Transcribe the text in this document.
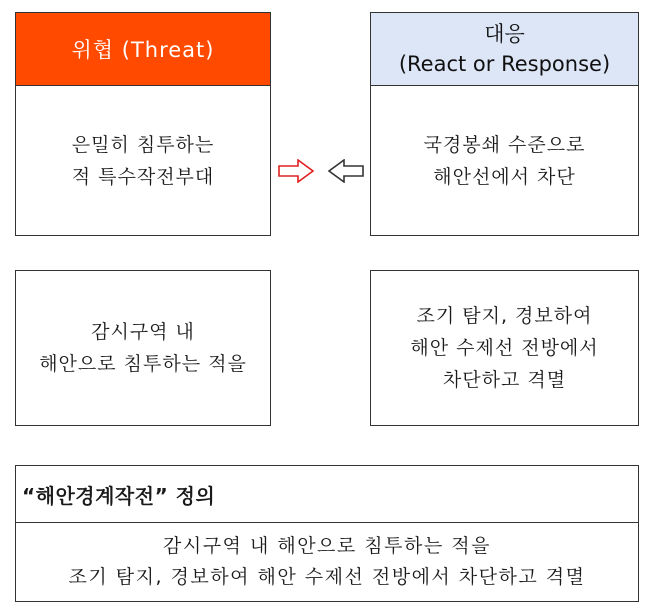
위협 (Threat)
은밀히 침투하는
적 특수작전부대
대응
(React or Response)
국경봉쇄 수준으로
해안선에서 차단
감시구역 내
해안으로 침투하는 적을
조기 탐지, 경보하여
해안 수제선 전방에서
차단하고 격멸
“해안경계작전” 정의
감시구역 내 해안으로 침투하는 적을
조기 탐지, 경보하여 해안 수제선 전방에서 차단하고 격멸
